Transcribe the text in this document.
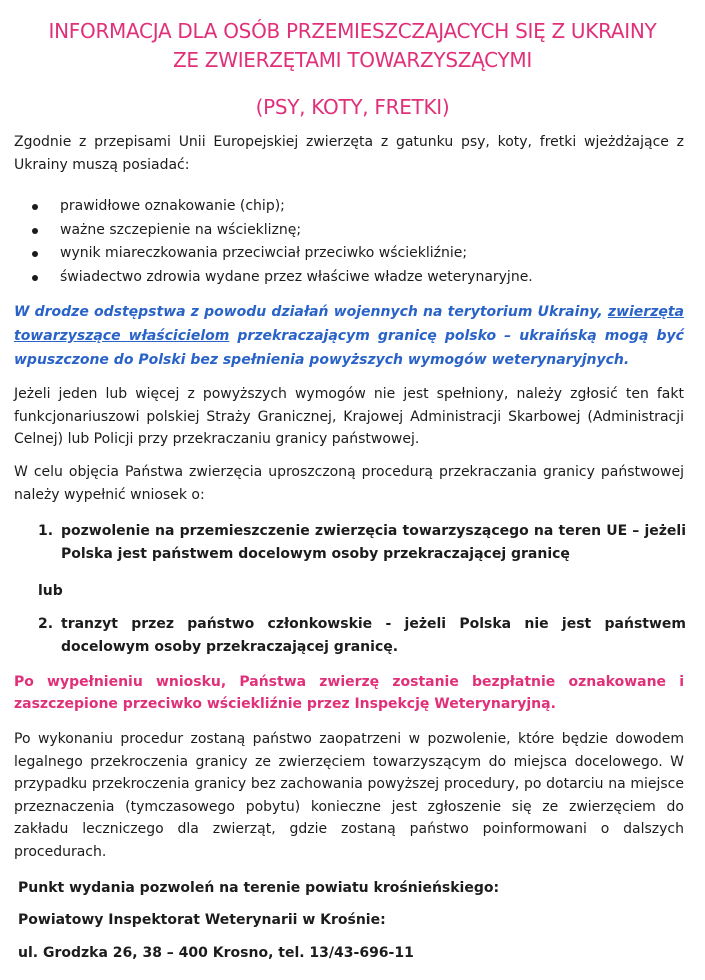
INFORMACJA DLA OSÓB PRZEMIESZCZAJACYCH SIĘ Z UKRAINY
ZE ZWIERZĘTAMI TOWARZYSZĄCYMI
(PSY, KOTY, FRETKI)
Zgodnie z przepisami Unii Europejskiej zwierzęta z gatunku psy, koty, fretki wjeżdżające z Ukrainy muszą posiadać:
prawidłowe oznakowanie (chip);
ważne szczepienie na wściekliznę;
wynik miareczkowania przeciwciał przeciwko wściekliźnie;
świadectwo zdrowia wydane przez właściwe władze weterynaryjne.
W drodze odstępstwa z powodu działań wojennych na terytorium Ukrainy, zwierzęta towarzyszące właścicielom przekraczającym granicę polsko – ukraińską mogą być wpuszczone do Polski bez spełnienia powyższych wymogów weterynaryjnych.
Jeżeli jeden lub więcej z powyższych wymogów nie jest spełniony, należy zgłosić ten fakt funkcjonariuszowi polskiej Straży Granicznej, Krajowej Administracji Skarbowej (Administracji Celnej) lub Policji przy przekraczaniu granicy państwowej.
W celu objęcia Państwa zwierzęcia uproszczoną procedurą przekraczania granicy państwowej należy wypełnić wniosek o:
1. pozwolenie na przemieszczenie zwierzęcia towarzyszącego na teren UE – jeżeli Polska jest państwem docelowym osoby przekraczającej granicę
lub
2. tranzyt przez państwo członkowskie - jeżeli Polska nie jest państwem docelowym osoby przekraczającej granicę.
Po wypełnieniu wniosku, Państwa zwierzę zostanie bezpłatnie oznakowane i zaszczepione przeciwko wściekliźnie przez Inspekcję Weterynaryjną.
Po wykonaniu procedur zostaną państwo zaopatrzeni w pozwolenie, które będzie dowodem legalnego przekroczenia granicy ze zwierzęciem towarzyszącym do miejsca docelowego. W przypadku przekroczenia granicy bez zachowania powyższej procedury, po dotarciu na miejsce przeznaczenia (tymczasowego pobytu) konieczne jest zgłoszenie się ze zwierzęciem do zakładu leczniczego dla zwierząt, gdzie zostaną państwo poinformowani o dalszych procedurach.
Punkt wydania pozwoleń na terenie powiatu krośnieńskiego:
Powiatowy Inspektorat Weterynarii w Krośnie:
ul. Grodzka 26, 38 – 400 Krosno, tel. 13/43-696-11
